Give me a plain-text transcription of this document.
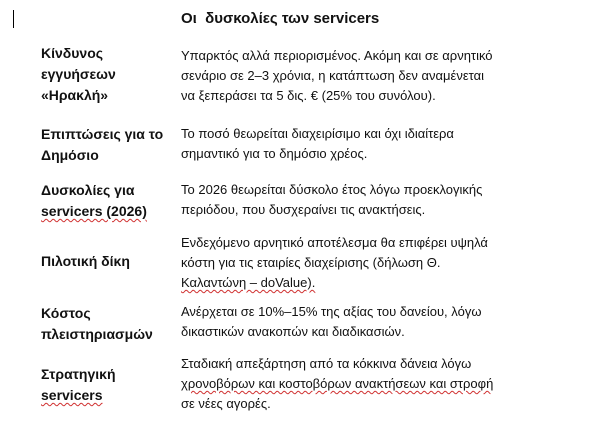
Οι  δυσκολίες των servicers
Κίνδυνος
εγγυήσεων
«Ηρακλή»
Υπαρκτός αλλά περιορισμένος. Ακόμη και σε αρνητικό
σενάριο σε 2–3 χρόνια, η κατάπτωση δεν αναμένεται
να ξεπεράσει τα 5 δις. € (25% του συνόλου).
Επιπτώσεις για το
Δημόσιο
Το ποσό θεωρείται διαχειρίσιμο και όχι ιδιαίτερα
σημαντικό για το δημόσιο χρέος.
Δυσκολίες για
servicers (2026)
Το 2026 θεωρείται δύσκολο έτος λόγω προεκλογικής
περιόδου, που δυσχεραίνει τις ανακτήσεις.
Πιλοτική δίκη
Ενδεχόμενο αρνητικό αποτέλεσμα θα επιφέρει υψηλά
κόστη για τις εταιρίες διαχείρισης (δήλωση Θ.
Καλαντώνη – doValue).
Κόστος
πλειστηριασμών
Ανέρχεται σε 10%–15% της αξίας του δανείου, λόγω
δικαστικών ανακοπών και διαδικασιών.
Στρατηγική
servicers
Σταδιακή απεξάρτηση από τα κόκκινα δάνεια λόγω
χρονοβόρων και κοστοβόρων ανακτήσεων και στροφή
σε νέες αγορές.
